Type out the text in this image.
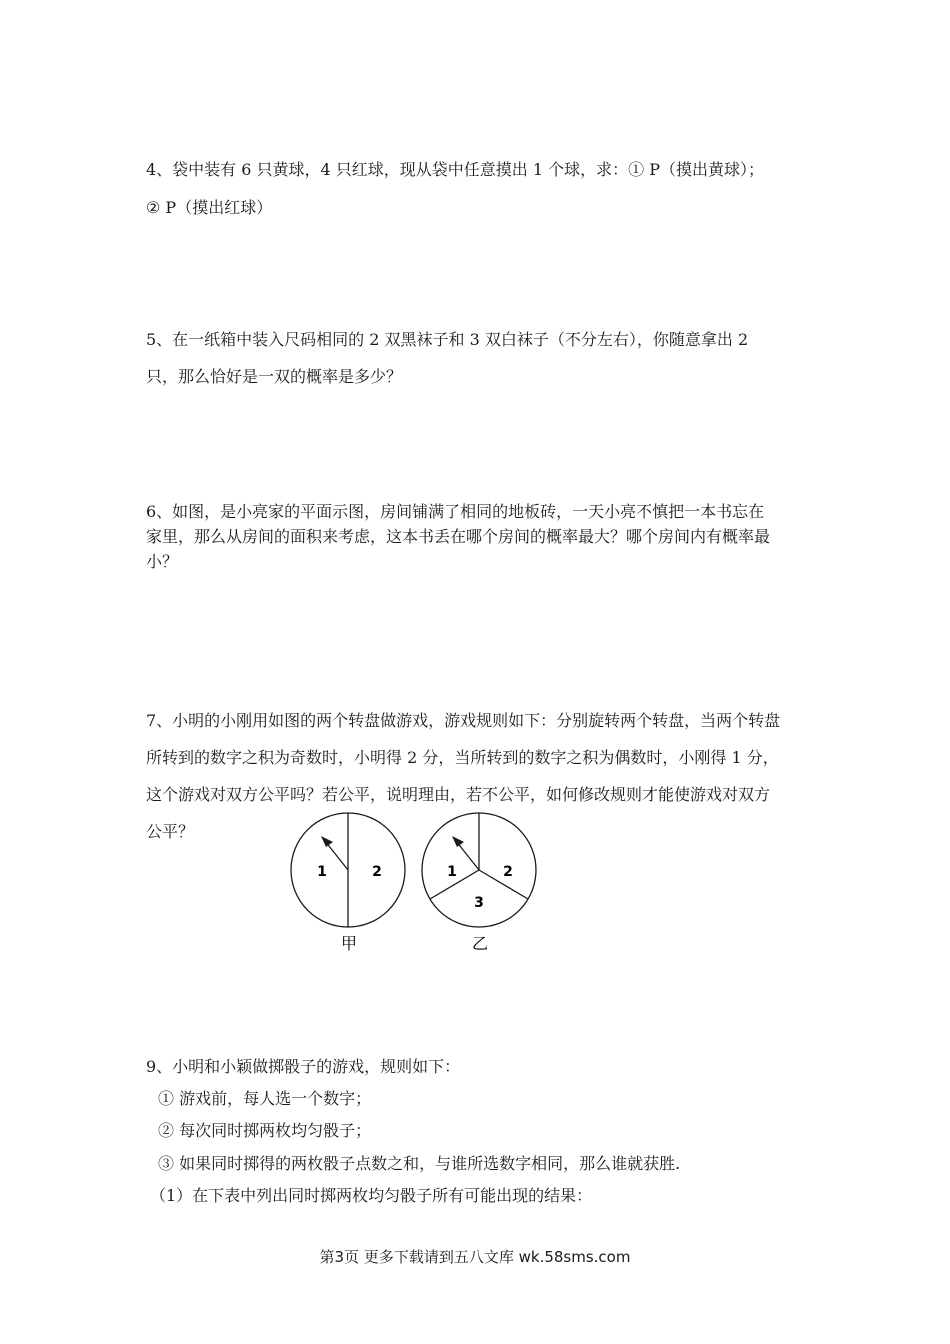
4、袋中装有 6 只黄球，4 只红球，现从袋中任意摸出 1 个球，求：① P（摸出黄球）；
② P（摸出红球）
5、在一纸箱中装入尺码相同的 2 双黑袜子和 3 双白袜子（不分左右），你随意拿出 2
只，那么恰好是一双的概率是多少？
6、如图，是小亮家的平面示图，房间铺满了相同的地板砖，一天小亮不慎把一本书忘在
家里，那么从房间的面积来考虑，这本书丢在哪个房间的概率最大？哪个房间内有概率最
小？
7、小明的小刚用如图的两个转盘做游戏，游戏规则如下：分别旋转两个转盘，当两个转盘
所转到的数字之积为奇数时，小明得 2 分，当所转到的数字之积为偶数时，小刚得 1 分，
这个游戏对双方公平吗？若公平，说明理由，若不公平，如何修改规则才能使游戏对双方
公平？
1	2
甲
1	2
3
乙
9、小明和小颖做掷骰子的游戏，规则如下：
① 游戏前，每人选一个数字；
② 每次同时掷两枚均匀骰子；
③ 如果同时掷得的两枚骰子点数之和，与谁所选数字相同，那么谁就获胜.
（1）在下表中列出同时掷两枚均匀骰子所有可能出现的结果：
第3页 更多下载请到五八文库 wk.58sms.com
